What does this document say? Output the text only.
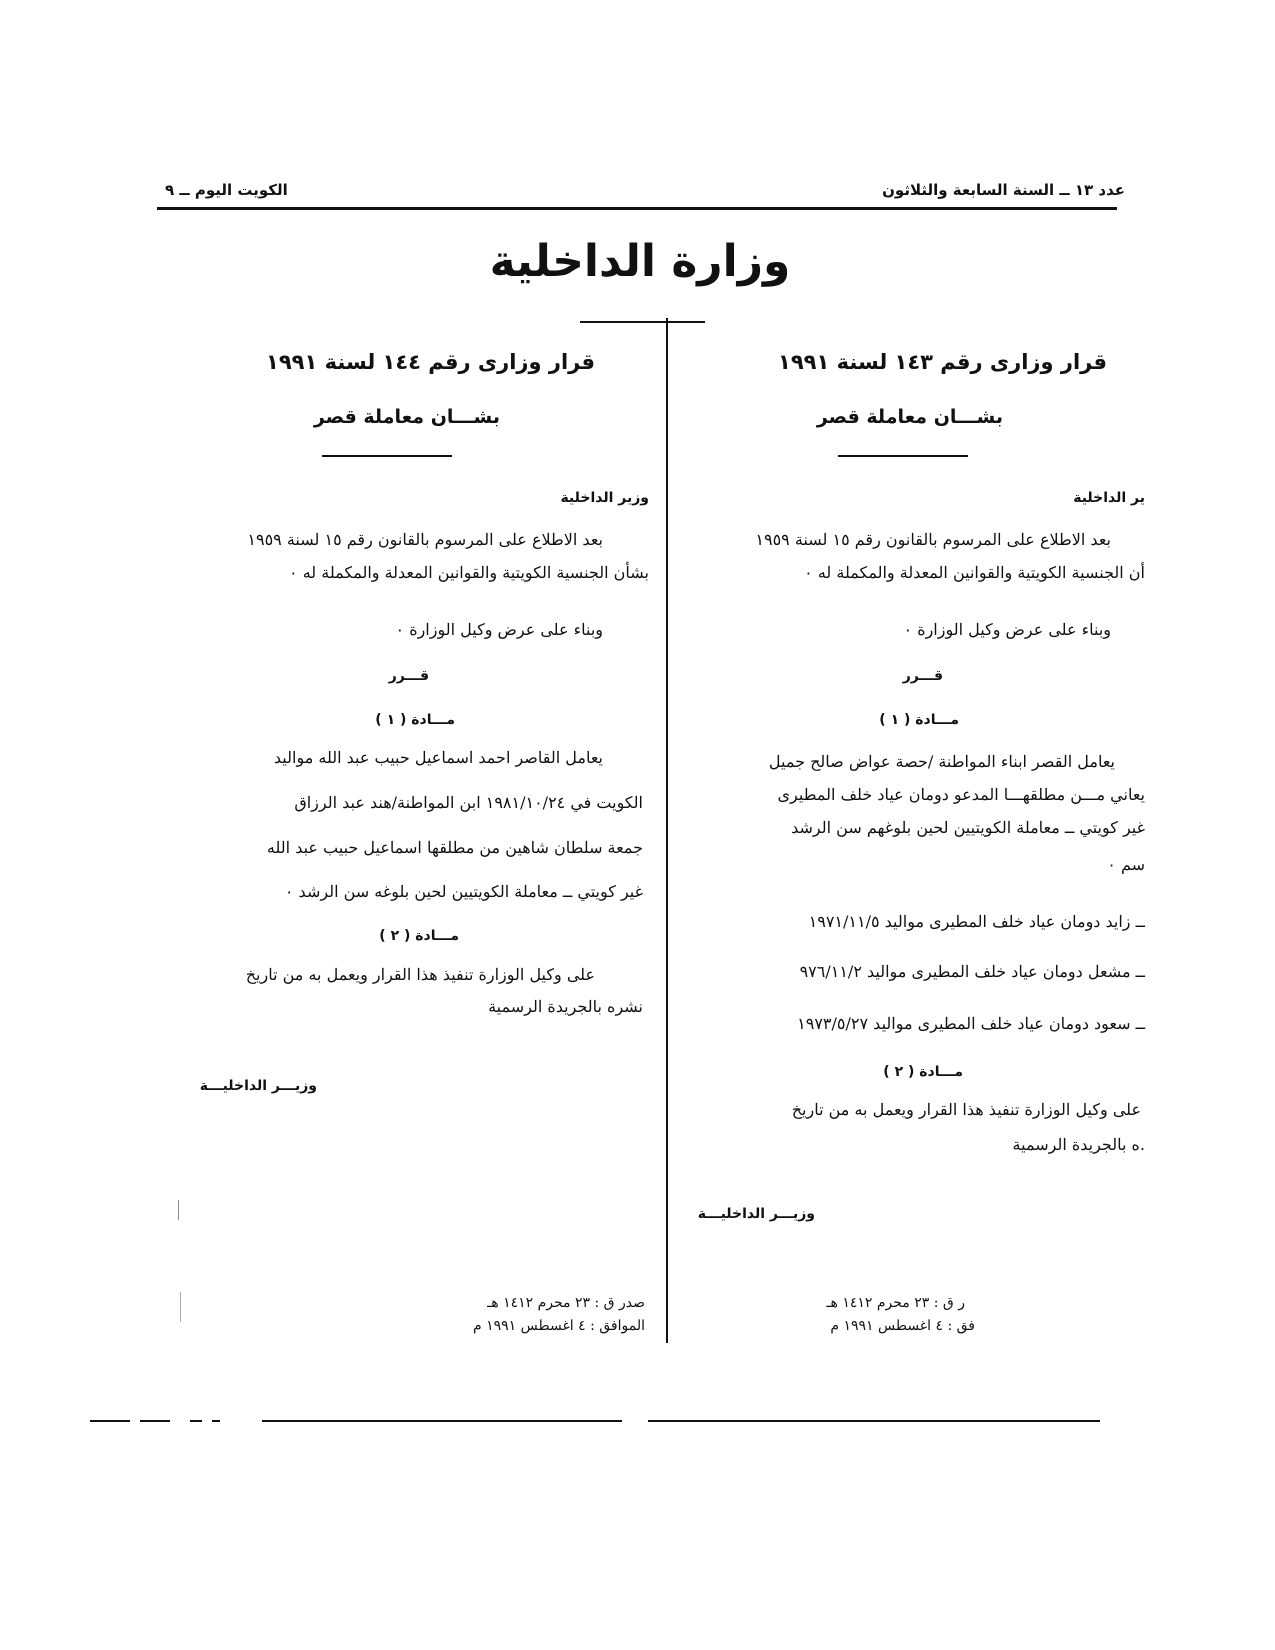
عدد ١٣ ــ السنة السابعة والثلاثون
الكويت اليوم ــ ٩
وزارة الداخلية
قرار وزارى رقم ١٤٣ لسنة ١٩٩١
بشـــان معاملة قصر
ير الداخلية
بعد الاطلاع على المرسوم بالقانون رقم ١٥ لسنة ١٩٥٩
أن الجنسية الكويتية والقوانين المعدلة والمكملة له ٠
وبناء على عرض وكيل الوزارة ٠
قـــرر
مـــادة ( ١ )
يعامل القصر ابناء المواطنة /حصة عواض صالح جميل
يعاني مـــن مطلقهـــا المدعو دومان عياد خلف المطيرى
غير كويتي ــ معاملة الكويتيين لحين بلوغهم سن الرشد
سم ٠
ــ زايد دومان عياد خلف المطيرى مواليد ١٩٧١/١١/٥
ــ مشعل دومان عياد خلف المطيرى مواليد ٩٧٦/١١/٢
ــ سعود دومان عياد خلف المطيرى مواليد ١٩٧٣/٥/٢٧
مـــادة ( ٢ )
على وكيل الوزارة تنفيذ هذا القرار ويعمل به من تاريخ
.ه بالجريدة الرسمية
وزيـــر الداخليـــة
ر ق : ٢٣ محرم ١٤١٢ هـ
فق : ٤ اغسطس ١٩٩١ م
قرار وزارى رقم ١٤٤ لسنة ١٩٩١
بشـــان معاملة قصر
وزير الداخلية
بعد الاطلاع على المرسوم بالقانون رقم ١٥ لسنة ١٩٥٩
بشأن الجنسية الكويتية والقوانين المعدلة والمكملة له ٠
وبناء على عرض وكيل الوزارة ٠
قـــرر
مـــادة ( ١ )
يعامل القاصر احمد اسماعيل حبيب عبد الله مواليد
الكويت في ١٩٨١/١٠/٢٤ ابن المواطنة/هند عبد الرزاق
جمعة سلطان شاهين من مطلقها اسماعيل حبيب عبد الله
غير كويتي ــ معاملة الكويتيين لحين بلوغه سن الرشد ٠
مـــادة ( ٢ )
على وكيل الوزارة تنفيذ هذا القرار ويعمل به من تاريخ
نشره بالجريدة الرسمية
وزيـــر الداخليـــة
صدر ق : ٢٣ محرم ١٤١٢ هـ
الموافق : ٤ اغسطس ١٩٩١ م
